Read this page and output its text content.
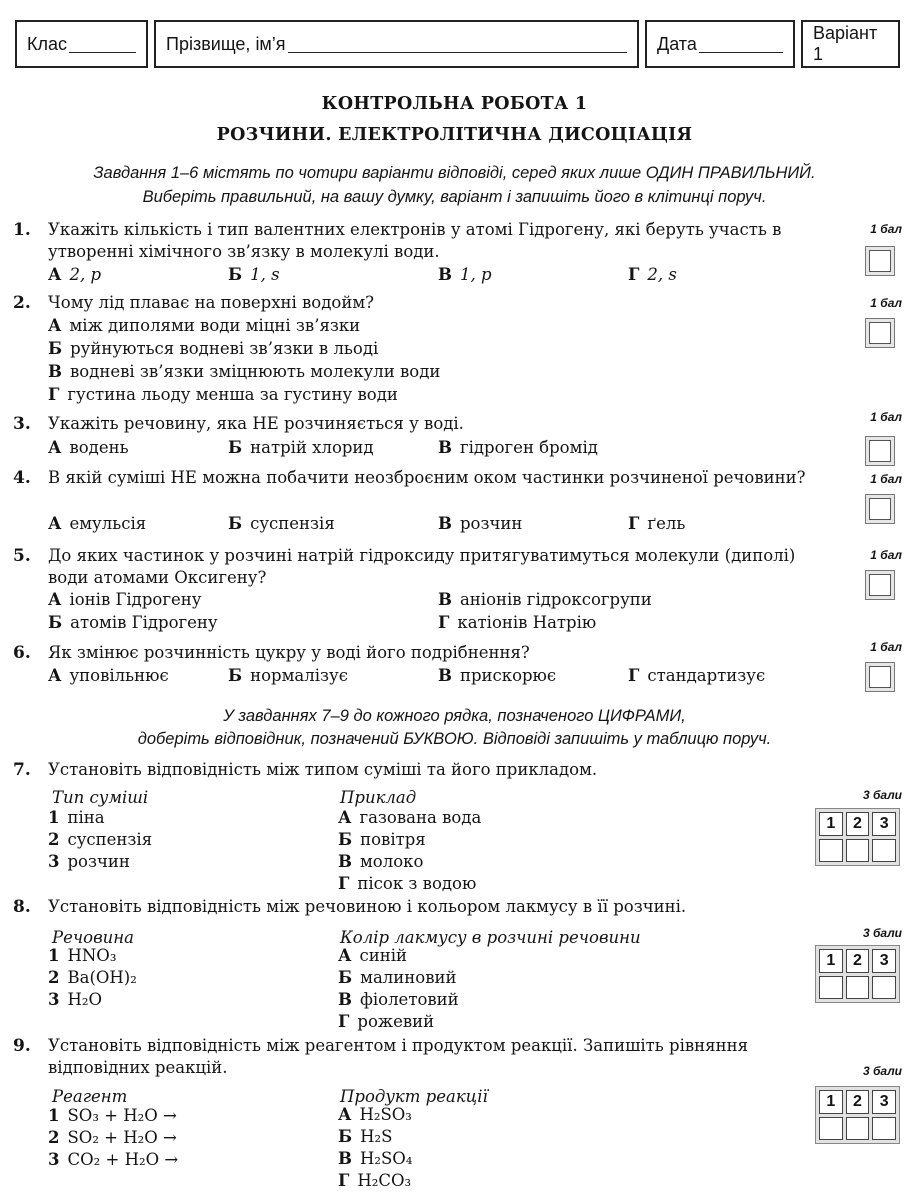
Клас	Прізвище, ім’я	Дата
Варіант 1
КОНТРОЛЬНА РОБОТА 1
РОЗЧИНИ. ЕЛЕКТРОЛІТИЧНА ДИСОЦІАЦІЯ
Завдання 1–6 містять по чотири варіанти відповіді, серед яких лише ОДИН ПРАВИЛЬНИЙ.
Виберіть правильний, на вашу думку, варіант і запишіть його в клітинці поруч.
1. Укажіть кількість і тип валентних електронів у атомі Гідрогену, які беруть участь в утворенні хімічного зв’язку в молекулі води.
А 2, p	Б 1, s	В 1, p	Г 2, s
1 бал
2. Чому лід плаває на поверхні водойм?
А між диполями води міцні зв’язки
Б руйнуються водневі зв’язки в льоді
В водневі зв’язки зміцнюють молекули води
Г густина льоду менша за густину води
1 бал
3. Укажіть речовину, яка НЕ розчиняється у воді.
А водень	Б натрій хлорид	В гідроген бромід
1 бал
4. В якій суміші НЕ можна побачити неозброєним оком частинки розчиненої речовини?
А емульсія	Б суспензія	В розчин	Г ґель
1 бал
5. До яких частинок у розчині натрій гідроксиду притягуватимуться молекули (диполі) води атомами Оксигену?
А іонів Гідрогену
Б атомів Гідрогену
В аніонів гідроксогрупи
Г катіонів Натрію
1 бал
6. Як змінює розчинність цукру у воді його подрібнення?
А уповільнює	Б нормалізує	В прискорює	Г стандартизує
1 бал
У завданнях 7–9 до кожного рядка, позначеного ЦИФРАМИ,
доберіть відповідник, позначений БУКВОЮ. Відповіді запишіть у таблицю поруч.
7. Установіть відповідність між типом суміші та його прикладом.
Тип суміші	Приклад
1 піна
2 суспензія
3 розчин
А газована вода
Б повітря
В молоко
Г пісок з водою
3 бали
1	2	3
8. Установіть відповідність між речовиною і кольором лакмусу в її розчині.
Речовина	Колір лакмусу в розчині речовини
1 HNO₃
2 Ba(OH)₂
3 H₂O
А синій
Б малиновий
В фіолетовий
Г рожевий
3 бали
1	2	3
9. Установіть відповідність між реагентом і продуктом реакції. Запишіть рівняння відповідних реакцій.
Реагент	Продукт реакції
1 SO₃ + H₂O →
2 SO₂ + H₂O →
3 CO₂ + H₂O →
А H₂SO₃
Б H₂S
В H₂SO₄
Г H₂CO₃
3 бали
1	2	3
